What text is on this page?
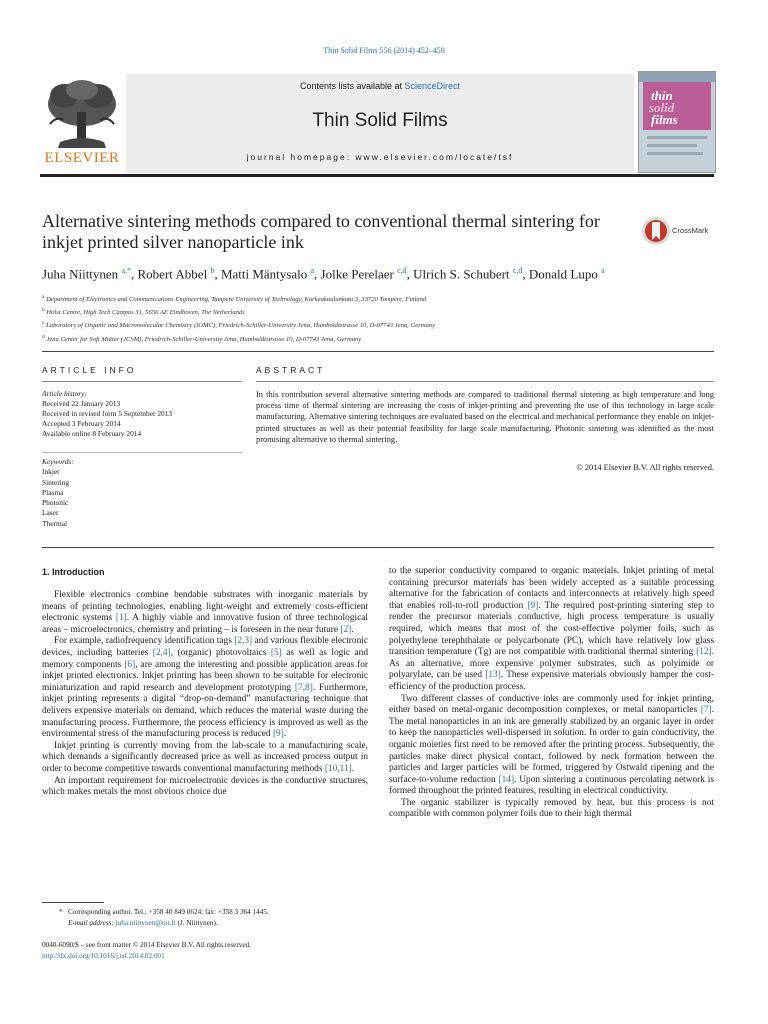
Thin Solid Films 556 (2014) 452–459
Contents lists available at ScienceDirect
Thin Solid Films
journal homepage: www.elsevier.com/locate/tsf
ELSEVIER
thin
solid
films
Alternative sintering methods compared to conventional thermal sintering for inkjet printed silver nanoparticle ink
CrossMark
Juha Niittynen $^{a,*}$, Robert Abbel $^b$, Matti Mäntysalo $^a$, Jolke Perelaer $^{c,d}$, Ulrich S. Schubert $^{c,d}$, Donald Lupo $^a$
$^a$ Department of Electronics and Communications Engineering, Tampere University of Technology, Korkeakoulunkatu 3, 33720 Tampere, Finland
$^b$ Holst Centre, High Tech Campus 31, 5656 AE Eindhoven, The Netherlands
$^c$ Laboratory of Organic and Macromolecular Chemistry (IOMC), Friedrich-Schiller-University Jena, Humboldtstrasse 10, D-07743 Jena, Germany
$^d$ Jena Center for Soft Matter (JCSM), Friedrich-Schiller-University Jena, Humboldtstrasse 10, D-07743 Jena, Germany
ARTICLE INFO	ABSTRACT
Article history:
Received 22 January 2013
Received in revised form 5 September 2013
Accepted 3 February 2014
Available online 8 February 2014
Keywords:
Inkjet
Sintering
Plasma
Photonic
Laser
Thermal
In this contribution several alternative sintering methods are compared to traditional thermal sintering as high temperature and long process time of thermal sintering are increasing the costs of inkjet-printing and preventing the use of this technology in large scale manufacturing. Alternative sintering techniques are evaluated based on the electrical and mechanical performance they enable on inkjet-printed structures as well as their potential feasibility for large scale manufacturing. Photonic sintering was identified as the most promising alternative to thermal sintering.
© 2014 Elsevier B.V. All rights reserved.
1. Introduction

Flexible electronics combine bendable substrates with inorganic materials by means of printing technologies, enabling light-weight and extremely costs-efficient electronic systems [1]. A highly viable and innovative fusion of three technological areas – microelectronics, chemistry and printing – is foreseen in the near future [2].

For example, radiofrequency identification tags [2,3] and various flexible electronic devices, including batteries [2,4], (organic) photovoltaics [5] as well as logic and memory components [6], are among the interesting and possible application areas for inkjet printed electronics. Inkjet printing has been shown to be suitable for electronic miniaturization and rapid research and development prototyping [7,8]. Furthermore, inkjet printing represents a digital “drop-on-demand” manufacturing technique that delivers expensive materials on demand, which reduces the material waste during the manufacturing process. Furthermore, the process efficiency is improved as well as the environmental stress of the manufacturing process is reduced [9].

Inkjet printing is currently moving from the lab-scale to a manufacturing scale, which demands a significantly decreased price as well as increased process output in order to become competitive towards conventional manufacturing methods [10,11].

An important requirement for microelectronic devices is the conductive structures, which makes metals the most obvious choice due

to the superior conductivity compared to organic materials. Inkjet printing of metal containing precursor materials has been widely accepted as a suitable processing alternative for the fabrication of contacts and interconnects at relatively high speed that enables roll-to-roll production [9]. The required post-printing sintering step to render the precursor materials conductive, high process temperature is usually required, which means that most of the cost-effective polymer foils, such as polyethylene terephthalate or polycarbonate (PC), which have relatively low glass transition temperature (Tg) are not compatible with traditional thermal sintering [12]. As an alternative, more expensive polymer substrates, such as polyimide or polyarylate, can be used [13]. These expensive materials obviously hamper the cost-efficiency of the production process.

Two different classes of conductive inks are commonly used for inkjet printing, either based on metal-organic decomposition complexes, or metal nanoparticles [7]. The metal nanoparticles in an ink are generally stabilized by an organic layer in order to keep the nanoparticles well-dispersed in solution. In order to gain conductivity, the organic moieties first need to be removed after the printing process. Subsequently, the particles make direct physical contact, followed by neck formation between the particles and larger particles will be formed, triggered by Ostwald ripening and the surface-to-volume reduction [14]. Upon sintering a continuous percolating network is formed throughout the printed features, resulting in electrical conductivity.

The organic stabilizer is typically removed by heat, but this process is not compatible with common polymer foils due to their high thermal

* Corresponding author. Tel.: +358 40 849 0624; fax: +358 3 364 1445.
E-mail address: juha.niittynen@tut.fi (J. Niittynen).
0040-6090/$ – see front matter © 2014 Elsevier B.V. All rights reserved.
http://dx.doi.org/10.1016/j.tsf.2014.02.001
